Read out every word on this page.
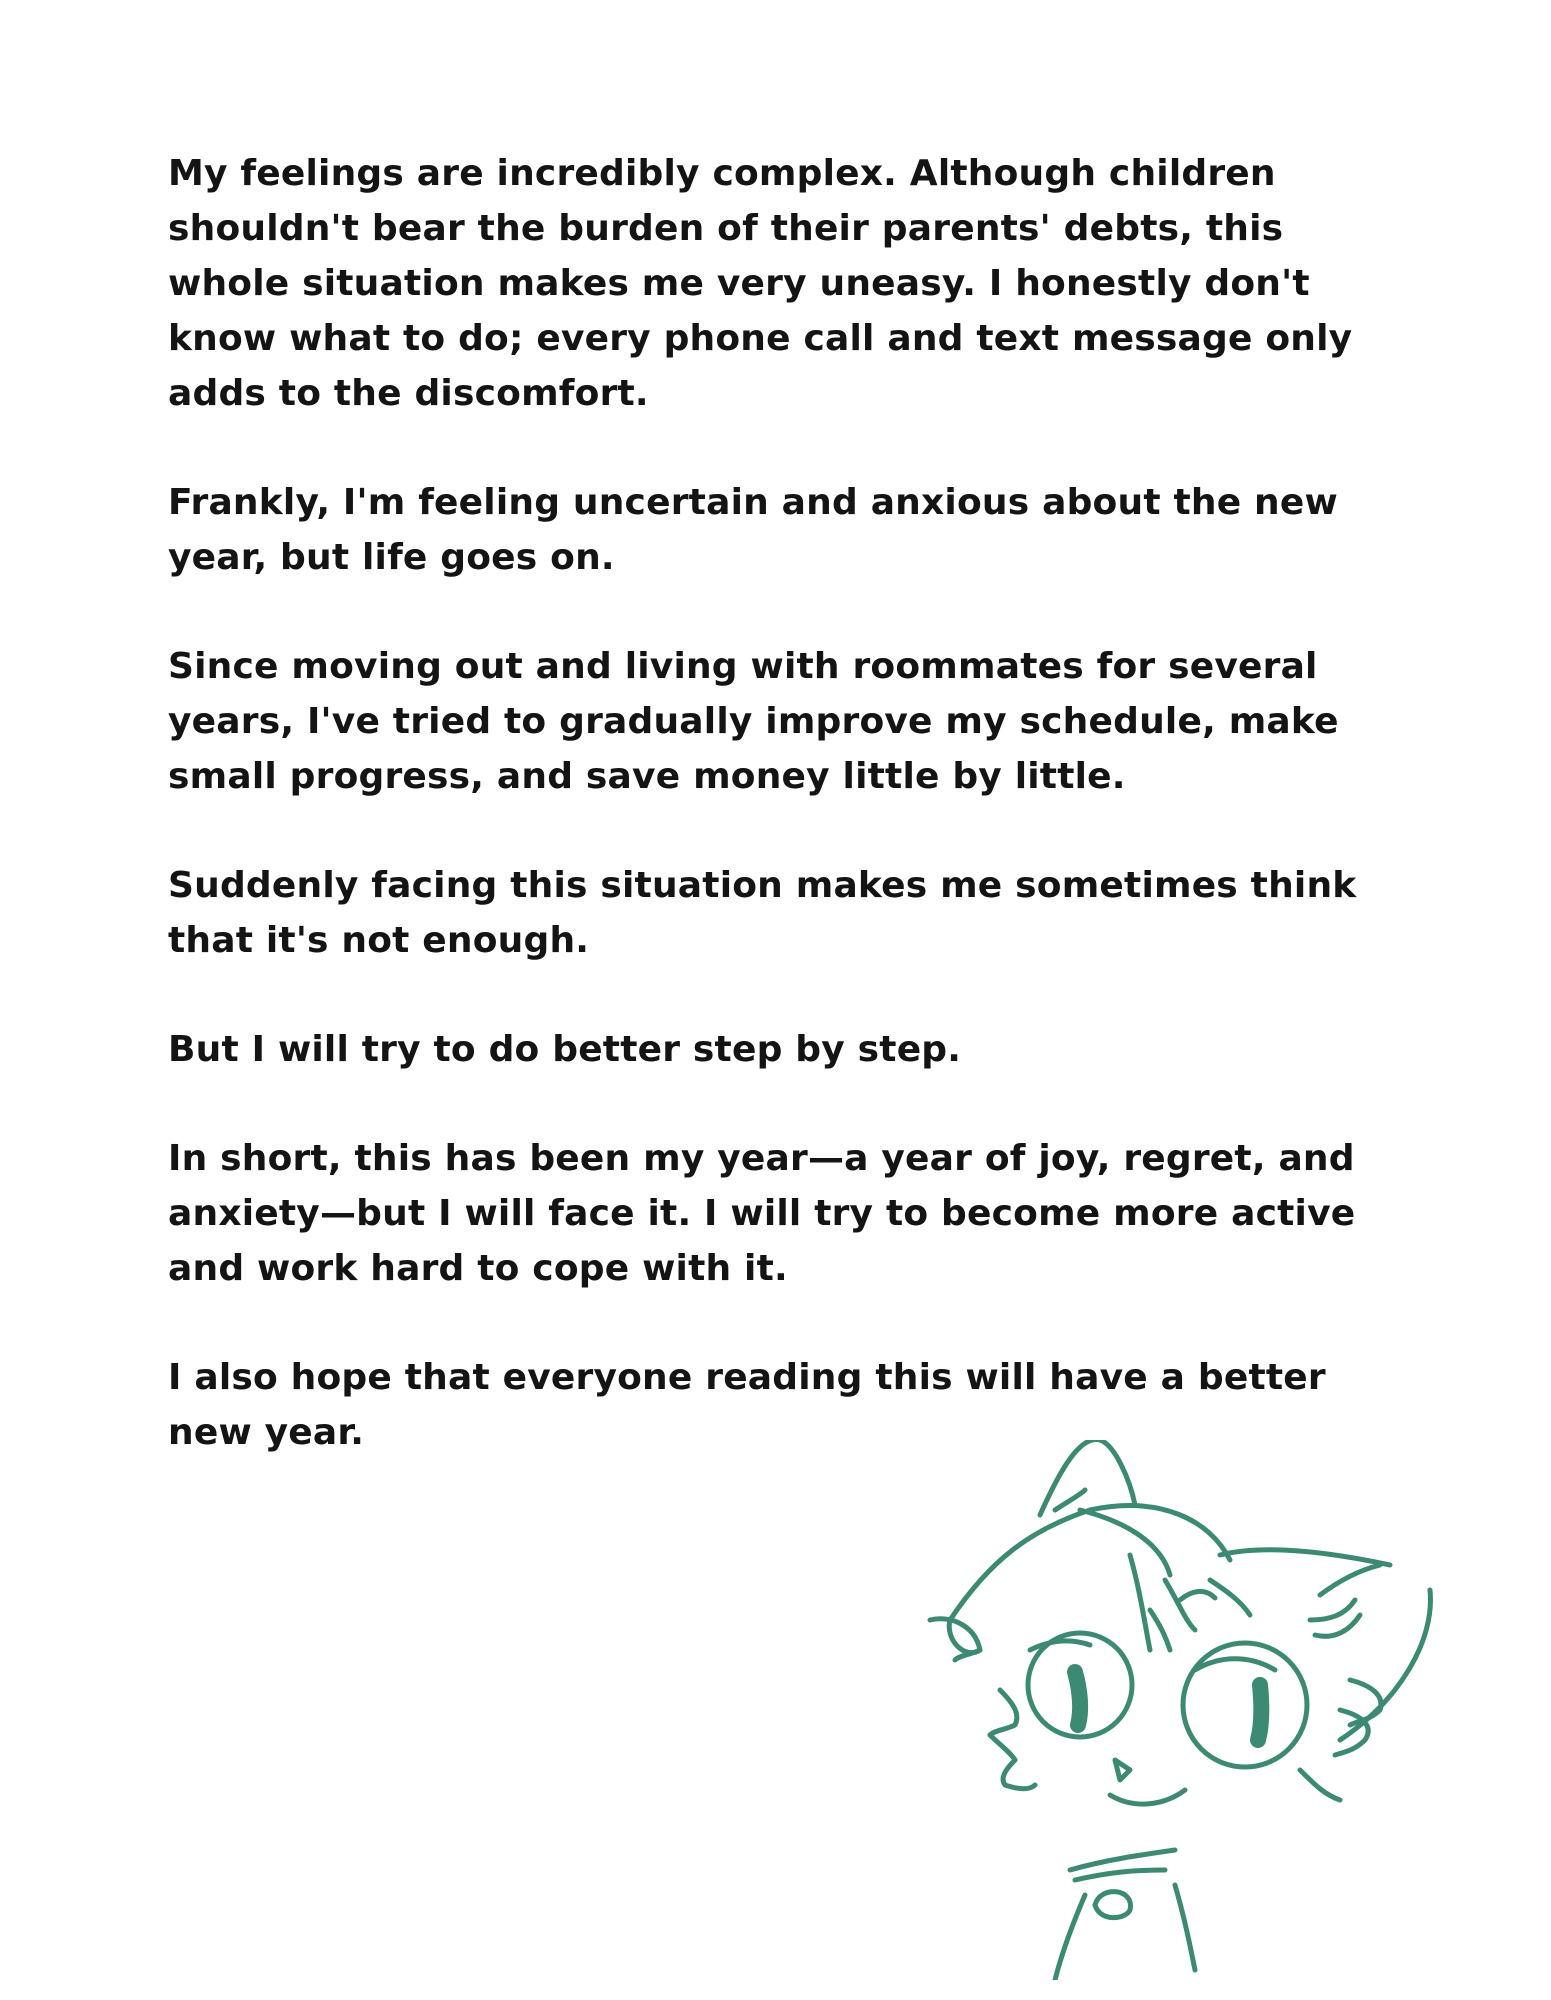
My feelings are incredibly complex. Although children shouldn't bear the burden of their parents' debts, this whole situation makes me very uneasy. I honestly don't know what to do; every phone call and text message only adds to the discomfort.

Frankly, I'm feeling uncertain and anxious about the new year, but life goes on.

Since moving out and living with roommates for several years, I've tried to gradually improve my schedule, make small progress, and save money little by little.

Suddenly facing this situation makes me sometimes think that it's not enough.

But I will try to do better step by step.

In short, this has been my year—a year of joy, regret, and anxiety—but I will face it. I will try to become more active and work hard to cope with it.

I also hope that everyone reading this will have a better new year.
